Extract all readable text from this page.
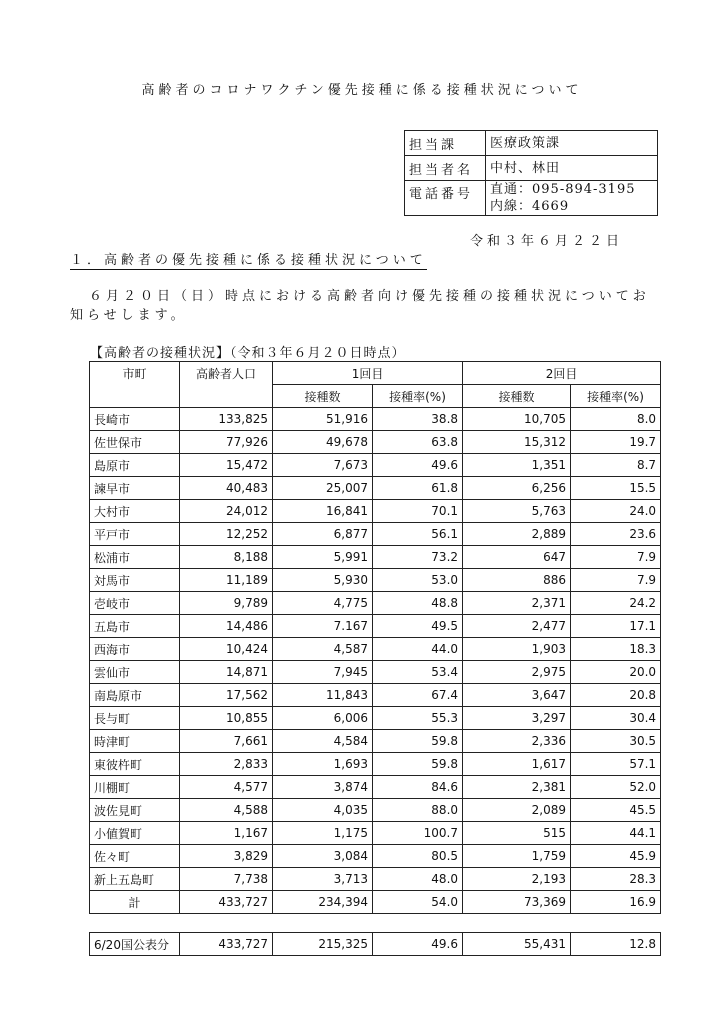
高齢者のコロナワクチン優先接種に係る接種状況について
担当課	医療政策課
担当者名	中村、林田
電話番号	直通：095-894-3195
内線：4669
令和３年６月２２日
１．高齢者の優先接種に係る接種状況について
６月２０日（日）時点における高齢者向け優先接種の接種状況についてお知らせします。
【高齢者の接種状況】（令和３年６月２０日時点）
市町	高齢者人口	1回目		2回目	
		接種数	接種率(%)	接種数	接種率(%)
長崎市	133,825	51,916	38.8	10,705	8.0
佐世保市	77,926	49,678	63.8	15,312	19.7
島原市	15,472	7,673	49.6	1,351	8.7
諫早市	40,483	25,007	61.8	6,256	15.5
大村市	24,012	16,841	70.1	5,763	24.0
平戸市	12,252	6,877	56.1	2,889	23.6
松浦市	8,188	5,991	73.2	647	7.9
対馬市	11,189	5,930	53.0	886	7.9
壱岐市	9,789	4,775	48.8	2,371	24.2
五島市	14,486	7.167	49.5	2,477	17.1
西海市	10,424	4,587	44.0	1,903	18.3
雲仙市	14,871	7,945	53.4	2,975	20.0
南島原市	17,562	11,843	67.4	3,647	20.8
長与町	10,855	6,006	55.3	3,297	30.4
時津町	7,661	4,584	59.8	2,336	30.5
東彼杵町	2,833	1,693	59.8	1,617	57.1
川棚町	4,577	3,874	84.6	2,381	52.0
波佐見町	4,588	4,035	88.0	2,089	45.5
小値賀町	1,167	1,175	100.7	515	44.1
佐々町	3,829	3,084	80.5	1,759	45.9
新上五島町	7,738	3,713	48.0	2,193	28.3
計	433,727	234,394	54.0	73,369	16.9
6/20国公表分	433,727	215,325	49.6	55,431	12.8
